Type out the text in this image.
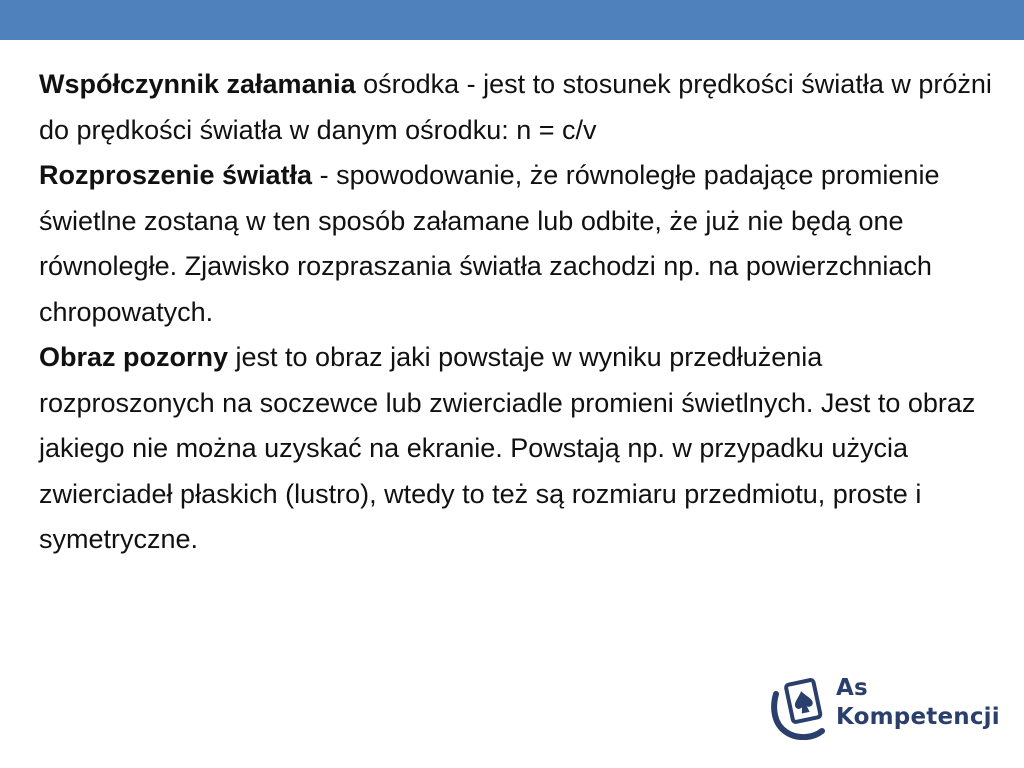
Współczynnik załamania ośrodka - jest to stosunek prędkości światła w próżni do prędkości światła w danym ośrodku: n = c/v

Rozproszenie światła - spowodowanie, że równoległe padające promienie świetlne zostaną w ten sposób załamane lub odbite, że już nie będą one równoległe. Zjawisko rozpraszania światła zachodzi np. na powierzchniach chropowatych.

Obraz pozorny jest to obraz jaki powstaje w wyniku przedłużenia rozproszonych na soczewce lub zwierciadle promieni świetlnych. Jest to obraz jakiego nie można uzyskać na ekranie. Powstają np. w przypadku użycia zwierciadeł płaskich (lustro), wtedy to też są rozmiaru przedmiotu, proste i symetryczne.

As
Kompetencji
